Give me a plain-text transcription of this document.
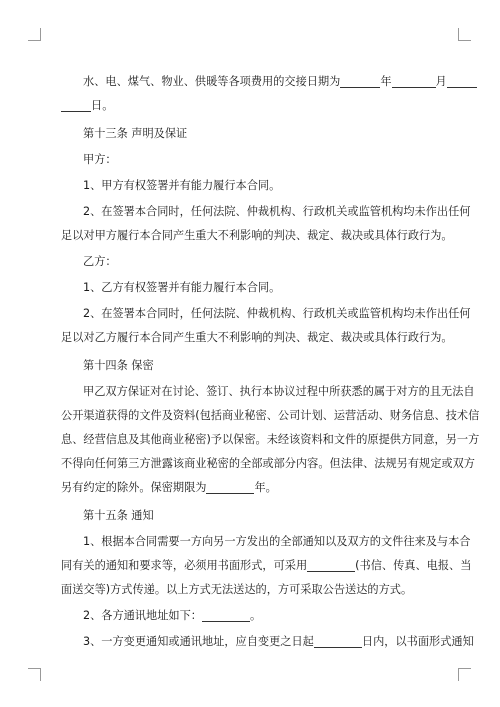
水、电、煤气、物业、供暖等各项费用的交接日期为	年	月
日。
第十三条 声明及保证
甲方：
1、甲方有权签署并有能力履行本合同。
2、在签署本合同时，任何法院、仲裁机构、行政机关或监管机构均未作出任何
足以对甲方履行本合同产生重大不利影响的判决、裁定、裁决或具体行政行为。
乙方：
1、乙方有权签署并有能力履行本合同。
2、在签署本合同时，任何法院、仲裁机构、行政机关或监管机构均未作出任何
足以对乙方履行本合同产生重大不利影响的判决、裁定、裁决或具体行政行为。
第十四条 保密
甲乙双方保证对在讨论、签订、执行本协议过程中所获悉的属于对方的且无法自
公开渠道获得的文件及资料(包括商业秘密、公司计划、运营活动、财务信息、技术信
息、经营信息及其他商业秘密)予以保密。未经该资料和文件的原提供方同意，另一方
不得向任何第三方泄露该商业秘密的全部或部分内容。但法律、法规另有规定或双方
另有约定的除外。保密期限为	年。
第十五条 通知
1、根据本合同需要一方向另一方发出的全部通知以及双方的文件往来及与本合
同有关的通知和要求等，必须用书面形式，可采用	(书信、传真、电报、当
面送交等)方式传递。以上方式无法送达的，方可采取公告送达的方式。
2、各方通讯地址如下：	。
3、一方变更通知或通讯地址，应自变更之日起	日内，以书面形式通知
